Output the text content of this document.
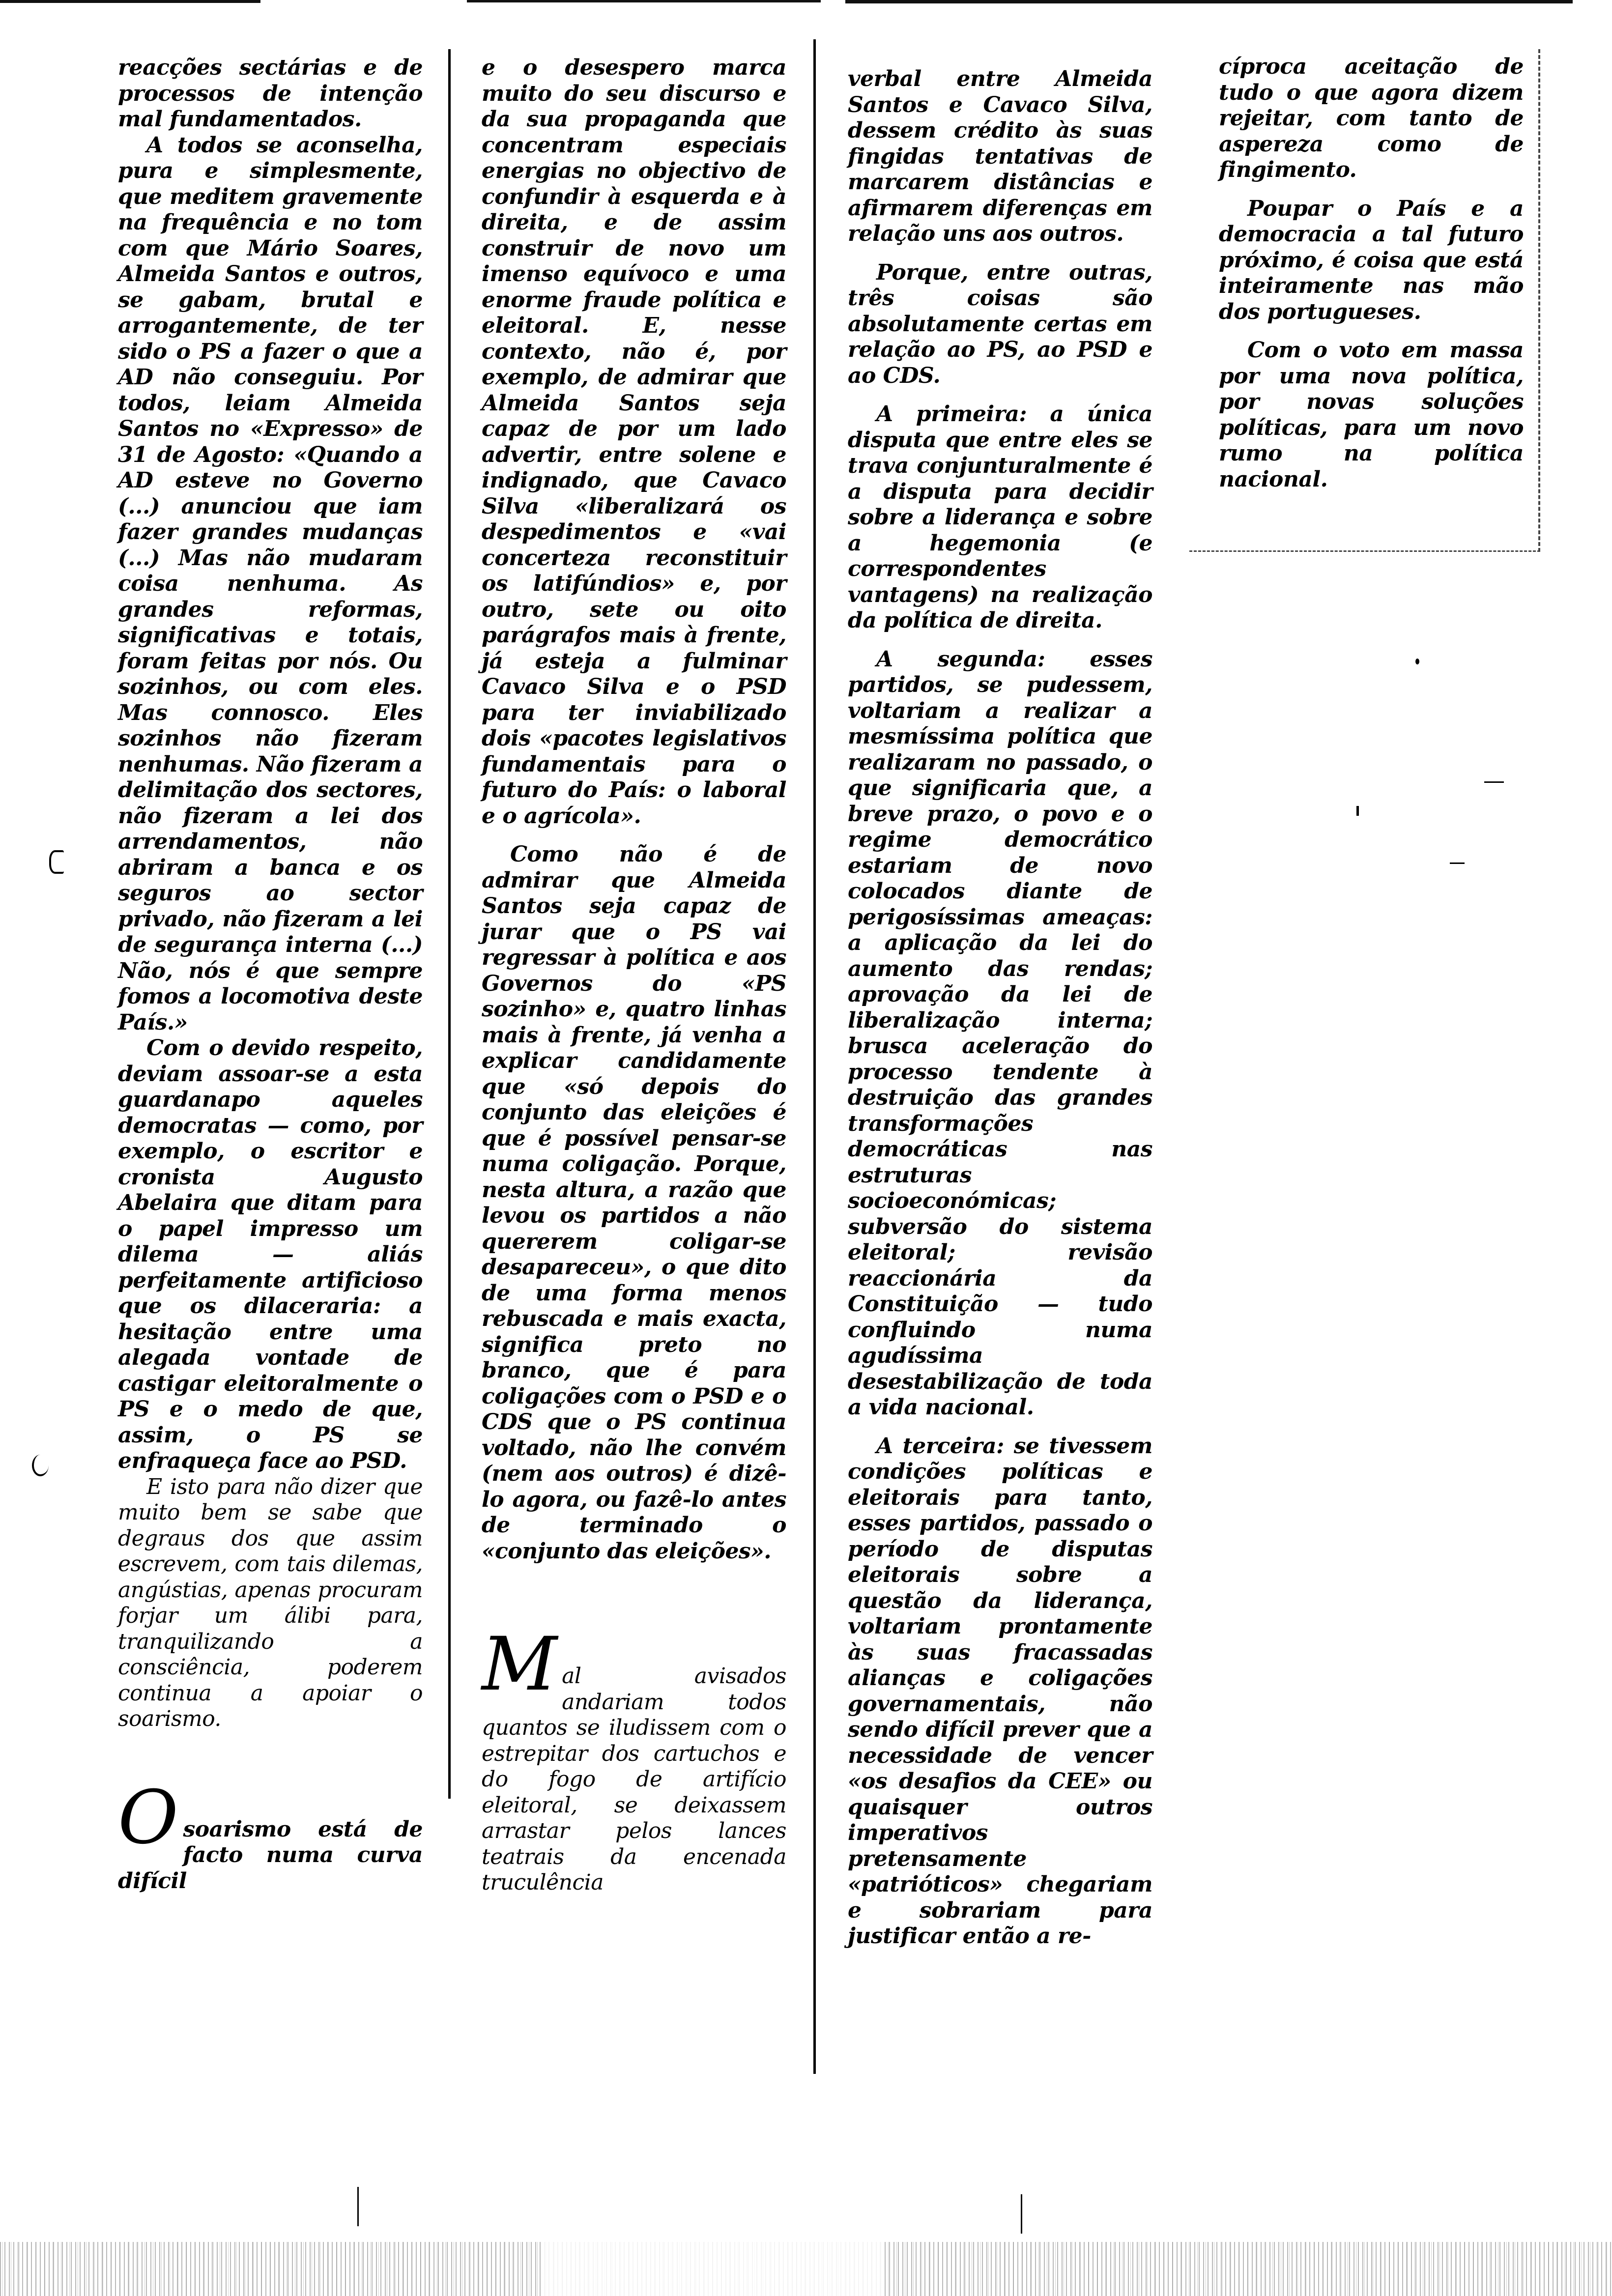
reacções sectárias e de processos de intenção mal fundamentados.

A todos se aconselha, pura e simplesmente, que meditem gravemente na frequência e no tom com que Mário Soares, Almeida Santos e outros, se gabam, brutal e arrogantemente, de ter sido o PS a fazer o que a AD não conseguiu. Por todos, leiam Almeida Santos no «Expresso» de 31 de Agosto: «Quando a AD esteve no Governo (...) anunciou que iam fazer grandes mudanças (...) Mas não mudaram coisa nenhuma. As grandes reformas, significativas e totais, foram feitas por nós. Ou sozinhos, ou com eles. Mas connosco. Eles sozinhos não fizeram nenhumas. Não fizeram a delimitação dos sectores, não fizeram a lei dos arrendamentos, não abriram a banca e os seguros ao sector privado, não fizeram a lei de segurança interna (...) Não, nós é que sempre fomos a locomotiva deste País.»

Com o devido respeito, deviam assoar-se a esta guardanapo aqueles democratas — como, por exemplo, o escritor e cronista Augusto Abelaira que ditam para o papel impresso um dilema — aliás perfeitamente artificioso que os dilaceraria: a hesitação entre uma alegada vontade de castigar eleitoralmente o PS e o medo de que, assim, o PS se enfraqueça face ao PSD.

E isto para não dizer que muito bem se sabe que degraus dos que assim escrevem, com tais dilemas, angústias, apenas procuram forjar um álibi para, tranquilizando a consciência, poderem continua a apoiar o soarismo.

O soarismo está de facto numa curva difícil

e o desespero marca muito do seu discurso e da sua propaganda que concentram especiais energias no objectivo de confundir à esquerda e à direita, e de assim construir de novo um imenso equívoco e uma enorme fraude política e eleitoral. E, nesse contexto, não é, por exemplo, de admirar que Almeida Santos seja capaz de por um lado advertir, entre solene e indignado, que Cavaco Silva «liberalizará os despedimentos e «vai concerteza reconstituir os latifúndios» e, por outro, sete ou oito parágrafos mais à frente, já esteja a fulminar Cavaco Silva e o PSD para ter inviabilizado dois «pacotes legislativos fundamentais para o futuro do País: o laboral e o agrícola».

Como não é de admirar que Almeida Santos seja capaz de jurar que o PS vai regressar à política e aos Governos do «PS sozinho» e, quatro linhas mais à frente, já venha a explicar candidamente que «só depois do conjunto das eleições é que é possível pensar-se numa coligação. Porque, nesta altura, a razão que levou os partidos a não quererem coligar-se desapareceu», o que dito de uma forma menos rebuscada e mais exacta, significa preto no branco, que é para coligações com o PSD e o CDS que o PS continua voltado, não lhe convém (nem aos outros) é dizê-lo agora, ou fazê-lo antes de terminado o «conjunto das eleições».

M al avisados andariam todos quantos se iludissem com o estrepitar dos cartuchos e do fogo de artifício eleitoral, se deixassem arrastar pelos lances teatrais da encenada truculência

verbal entre Almeida Santos e Cavaco Silva, dessem crédito às suas fingidas tentativas de marcarem distâncias e afirmarem diferenças em relação uns aos outros.

Porque, entre outras, três coisas são absolutamente certas em relação ao PS, ao PSD e ao CDS.

A primeira: a única disputa que entre eles se trava conjunturalmente é a disputa para decidir sobre a liderança e sobre a hegemonia (e correspondentes vantagens) na realização da política de direita.

A segunda: esses partidos, se pudessem, voltariam a realizar a mesmíssima política que realizaram no passado, o que significaria que, a breve prazo, o povo e o regime democrático estariam de novo colocados diante de perigosíssimas ameaças: a aplicação da lei do aumento das rendas; aprovação da lei de liberalização interna; brusca aceleração do processo tendente à destruição das grandes transformações democráticas nas estruturas socioeconómicas; subversão do sistema eleitoral; revisão reaccionária da Constituição — tudo confluindo numa agudíssima desestabilização de toda a vida nacional.

A terceira: se tivessem condições políticas e eleitorais para tanto, esses partidos, passado o período de disputas eleitorais sobre a questão da liderança, voltariam prontamente às suas fracassadas alianças e coligações governamentais, não sendo difícil prever que a necessidade de vencer «os desafios da CEE» ou quaisquer outros imperativos pretensamente «patrióticos» chegariam e sobrariam para justificar então a re-

cíproca aceitação de tudo o que agora dizem rejeitar, com tanto de aspereza como de fingimento.

Poupar o País e a democracia a tal futuro próximo, é coisa que está inteiramente nas mão dos portugueses.

Com o voto em massa por uma nova política, por novas soluções políticas, para um novo rumo na política nacional.
